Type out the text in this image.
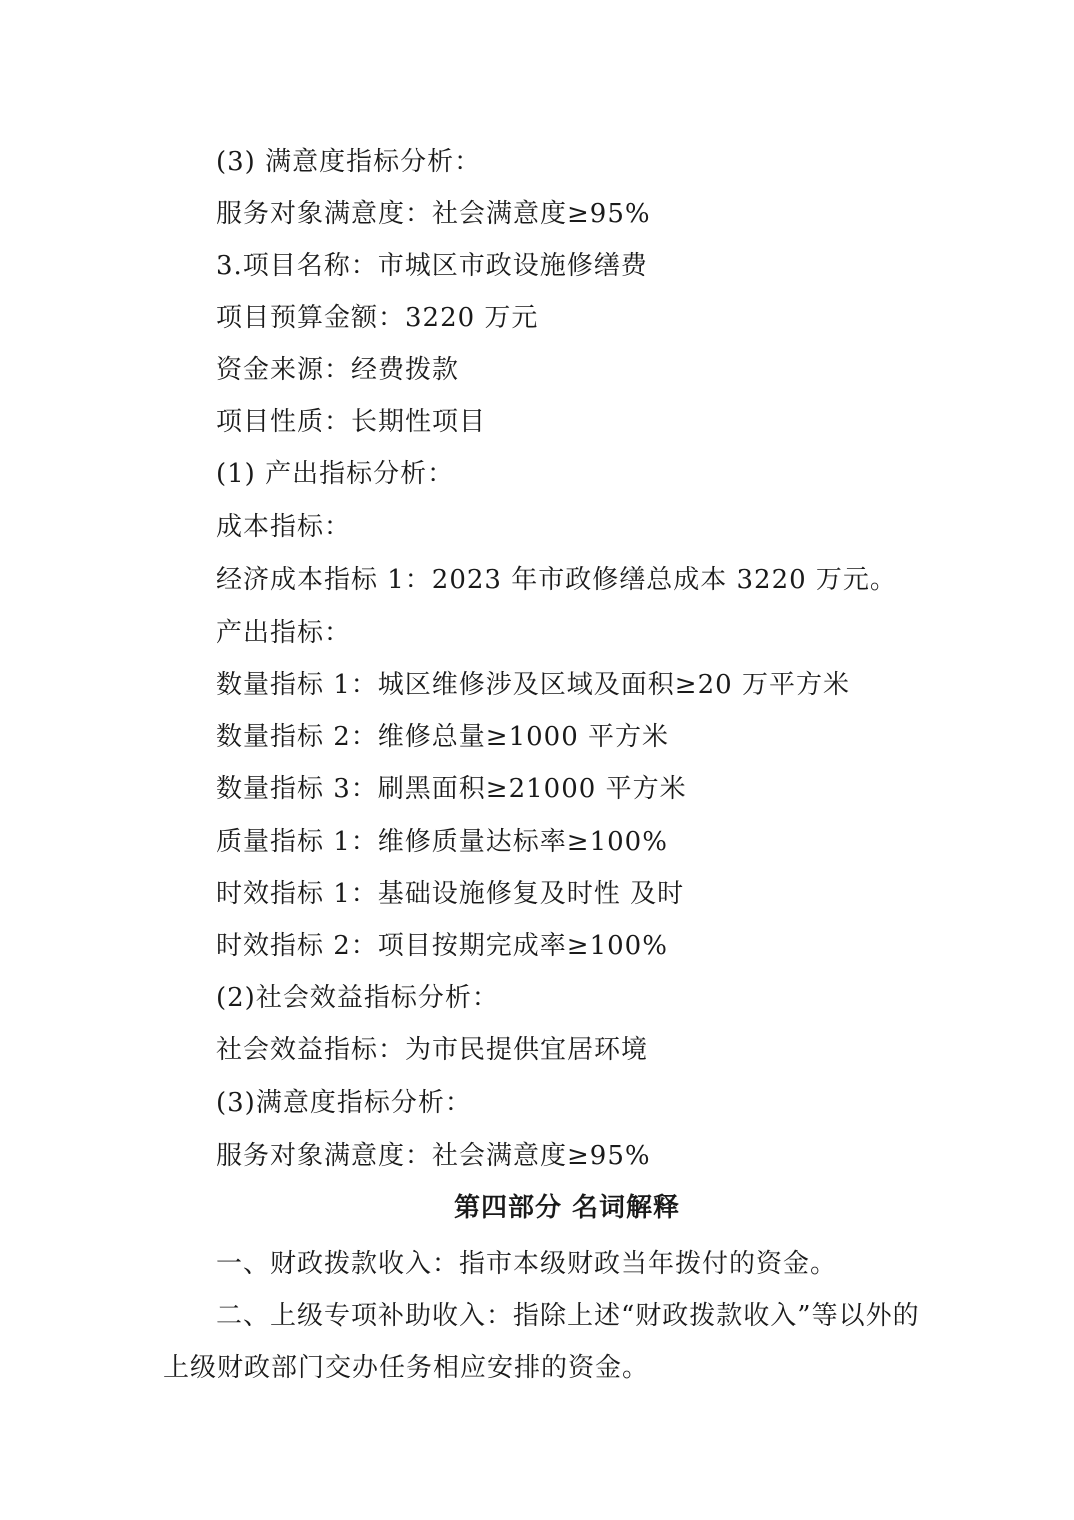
(3) 满意度指标分析：
服务对象满意度：社会满意度≥95%
3.项目名称：市城区市政设施修缮费
项目预算金额：3220 万元
资金来源：经费拨款
项目性质：长期性项目
(1) 产出指标分析：
成本指标：
经济成本指标 1：2023 年市政修缮总成本 3220 万元。
产出指标：
数量指标 1：城区维修涉及区域及面积≥20 万平方米
数量指标 2：维修总量≥1000 平方米
数量指标 3：刷黑面积≥21000 平方米
质量指标 1：维修质量达标率≥100%
时效指标 1：基础设施修复及时性 及时
时效指标 2：项目按期完成率≥100%
(2)社会效益指标分析：
社会效益指标：为市民提供宜居环境
(3)满意度指标分析：
服务对象满意度：社会满意度≥95%
第四部分 名词解释
一、财政拨款收入：指市本级财政当年拨付的资金。
二、上级专项补助收入：指除上述“财政拨款收入”等以外的上级财政部门交办任务相应安排的资金。
